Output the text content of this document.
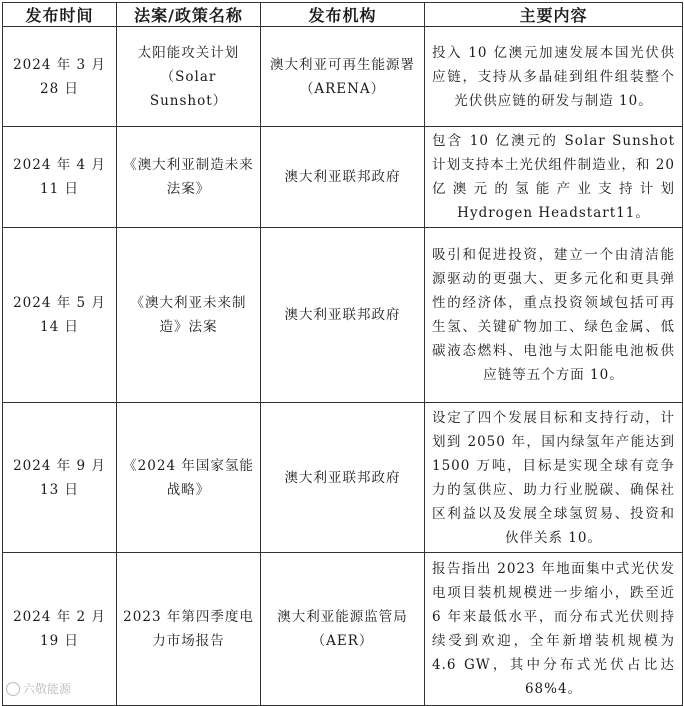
发布时间	法案/政策名称	发布机构	主要内容
2024 年 3 月 28 日	太阳能攻关计划（Solar Sunshot）	澳大利亚可再生能源署（ARENA）	投入 10 亿澳元加速发展本国光伏供应链，支持从多晶硅到组件组装整个光伏供应链的研发与制造 10。
2024 年 4 月 11 日	《澳大利亚制造未来法案》	澳大利亚联邦政府	包含 10 亿澳元的 Solar Sunshot 计划支持本土光伏组件制造业，和 20 亿澳元的氢能产业支持计划 Hydrogen Headstart11。
2024 年 5 月 14 日	《澳大利亚未来制造》法案	澳大利亚联邦政府	吸引和促进投资，建立一个由清洁能源驱动的更强大、更多元化和更具弹性的经济体，重点投资领域包括可再生氢、关键矿物加工、绿色金属、低碳液态燃料、电池与太阳能电池板供应链等五个方面 10。
2024 年 9 月 13 日	《2024 年国家氢能战略》	澳大利亚联邦政府	设定了四个发展目标和支持行动，计划到 2050 年，国内绿氢年产能达到 1500 万吨，目标是实现全球有竞争力的氢供应、助力行业脱碳、确保社区利益以及发展全球氢贸易、投资和伙伴关系 10。
2024 年 2 月 19 日	2023 年第四季度电力市场报告	澳大利亚能源监管局（AER）	报告指出 2023 年地面集中式光伏发电项目装机规模进一步缩小，跌至近 6 年来最低水平，而分布式光伏则持续受到欢迎，全年新增装机规模为 4.6 GW，其中分布式光伏占比达 68%4。
六敬能源
